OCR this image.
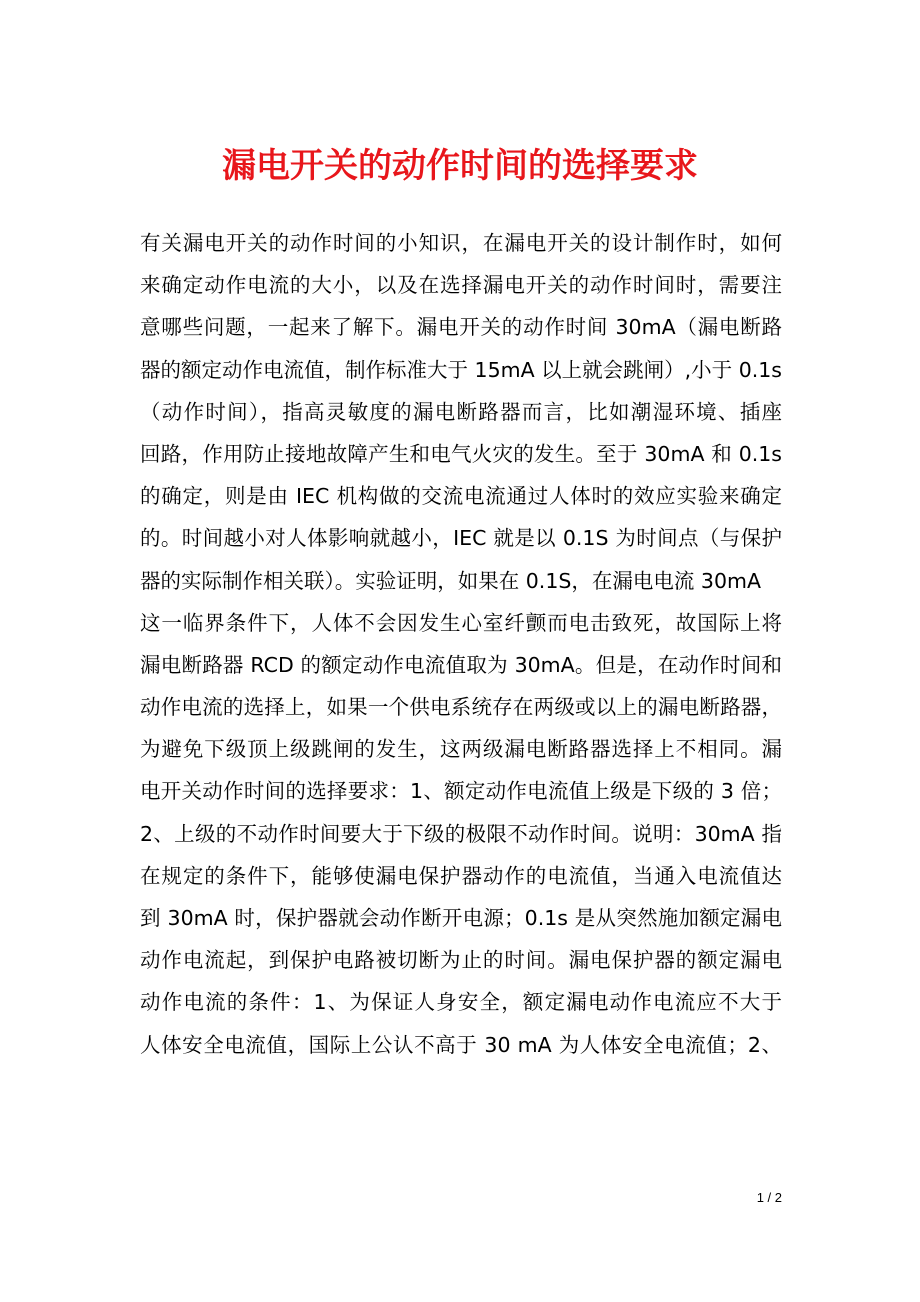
漏电开关的动作时间的选择要求
有关漏电开关的动作时间的小知识，在漏电开关的设计制作时，如何
来确定动作电流的大小，以及在选择漏电开关的动作时间时，需要注
意哪些问题，一起来了解下。漏电开关的动作时间 30mA（漏电断路
器的额定动作电流值，制作标准大于 15mA 以上就会跳闸）,小于 0.1s
（动作时间），指高灵敏度的漏电断路器而言，比如潮湿环境、插座
回路，作用防止接地故障产生和电气火灾的发生。至于 30mA 和 0.1s
的确定，则是由 IEC 机构做的交流电流通过人体时的效应实验来确定
的。时间越小对人体影响就越小，IEC 就是以 0.1S 为时间点（与保护
器的实际制作相关联）。实验证明，如果在 0.1S，在漏电电流 30mA
这一临界条件下，人体不会因发生心室纤颤而电击致死，故国际上将
漏电断路器 RCD 的额定动作电流值取为 30mA。但是，在动作时间和
动作电流的选择上，如果一个供电系统存在两级或以上的漏电断路器，
为避免下级顶上级跳闸的发生，这两级漏电断路器选择上不相同。漏
电开关动作时间的选择要求：1、额定动作电流值上级是下级的 3 倍；
2、上级的不动作时间要大于下级的极限不动作时间。说明：30mA 指
在规定的条件下，能够使漏电保护器动作的电流值，当通入电流值达
到 30mA 时，保护器就会动作断开电源；0.1s 是从突然施加额定漏电
动作电流起，到保护电路被切断为止的时间。漏电保护器的额定漏电
动作电流的条件：1、为保证人身安全，额定漏电动作电流应不大于
人体安全电流值，国际上公认不高于 30 mA 为人体安全电流值；2、
1 / 2
